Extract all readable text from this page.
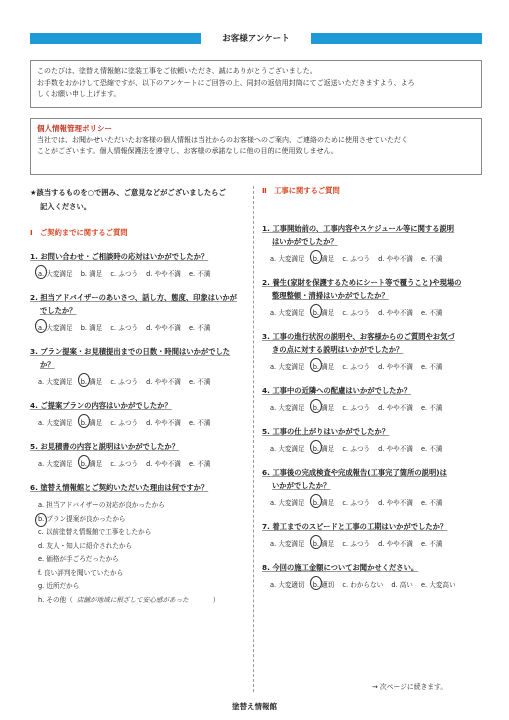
お客様アンケート
このたびは、塗替え情報館に塗装工事をご依頼いただき、誠にありがとうございました。
お手数をおかけして恐縮ですが、以下のアンケートにご回答の上、同封の返信用封筒にてご返送いただきますよう、よろ
しくお願い申し上げます。
個人情報管理ポリシー
当社では、お聞かせいただいたお客様の個人情報は当社からのお客様へのご案内、ご連絡のために使用させていただく
ことがございます。個人情報保護法を遵守し、お客様の承諾なしに他の目的に使用致しません。
★該当するものを○で囲み、ご意見などがございましたらご
記入ください。
Ⅰ　ご契約までに関するご質問
1. お問い合わせ・ご相談時の応対はいかがでしたか？
a. 大変満足 b. 満足 c. ふつう d. やや不満 e. 不満
2. 担当アドバイザーのあいさつ、話し方、態度、印象はいかが
でしたか？
a. 大変満足 b. 満足 c. ふつう d. やや不満 e. 不満
3. プラン提案・お見積提出までの日数・時間はいかがでした
か？
a. 大変満足 b. 満足 c. ふつう d. やや不満 e. 不満
4. ご提案プランの内容はいかがでしたか？
a. 大変満足 b. 満足 c. ふつう d. やや不満 e. 不満
5. お見積書の内容と説明はいかがでしたか？
a. 大変満足 b. 満足 c. ふつう d. やや不満 e. 不満
6. 塗替え情報館とご契約いただいた理由は何ですか？
a. 担当アドバイザーの対応が良かったから
b. プラン提案が良かったから
c. 以前塗替え情報館で工事をしたから
d. 友人・知人に紹介されたから
e. 価格が手ごろだったから
f. 良い評判を聞いていたから
g. 近所だから
h. その他（ 店舗が地域に根ざして安心感があった	）
Ⅱ　工事に関するご質問
1. 工事開始前の、工事内容やスケジュール等に関する説明
はいかがでしたか？
a. 大変満足 b. 満足 c. ふつう d. やや不満 e. 不満
2. 養生(家財を保護するためにシート等で覆うこと)や現場の
整理整頓・清掃はいかがでしたか？
a. 大変満足 b. 満足 c. ふつう d. やや不満 e. 不満
3. 工事の進行状況の説明や、お客様からのご質問やお気づ
きの点に対する説明はいかがでしたか？
a. 大変満足 b. 満足 c. ふつう d. やや不満 e. 不満
4. 工事中の近隣への配慮はいかがでしたか？
a. 大変満足 b. 満足 c. ふつう d. やや不満 e. 不満
5. 工事の仕上がりはいかがでしたか？
a. 大変満足 b. 満足 c. ふつう d. やや不満 e. 不満
6. 工事後の完成検査や完成報告(工事完了箇所の説明)は
いかがでしたか？
a. 大変満足 b. 満足 c. ふつう d. やや不満 e. 不満
7. 着工までのスピードと工事の工期はいかがでしたか？
a. 大変満足 b. 満足 c. ふつう d. やや不満 e. 不満
8. 今回の施工金額についてお聞かせください。
a. 大変適切 b. 適切 c. わからない d. 高い e. 大変高い
→ 次ページに続きます。
塗替え情報館
